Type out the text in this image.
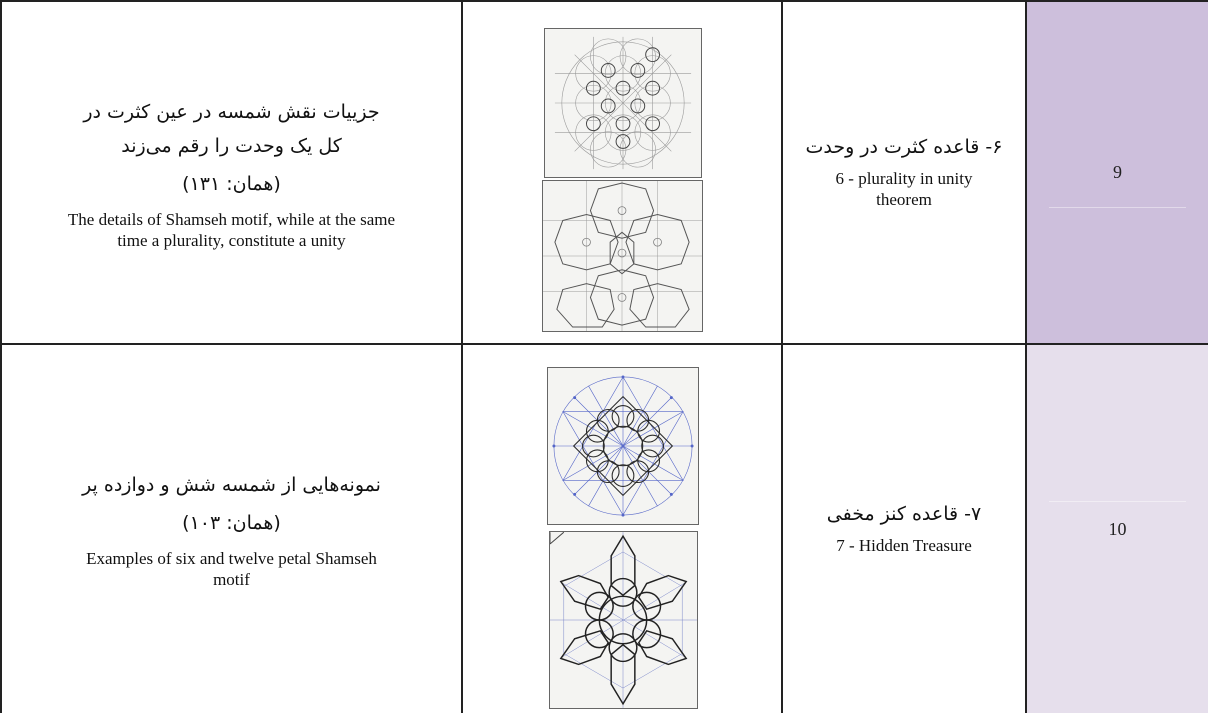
جزییات نقش شمسه در عین کثرت در کل یک وحدت را رقم می‌زند
(همان: ۱۳۱)
The details of Shamseh motif, while at the same time a plurality, constitute a unity
۶- قاعده کثرت در وحدت
6 - plurality in unity theorem
9
نمونه‌هایی از شمسه شش و دوازده پر
(همان: ۱۰۳)
Examples of six and twelve petal Shamseh motif
۷- قاعده کنز مخفی
7 - Hidden Treasure
10
